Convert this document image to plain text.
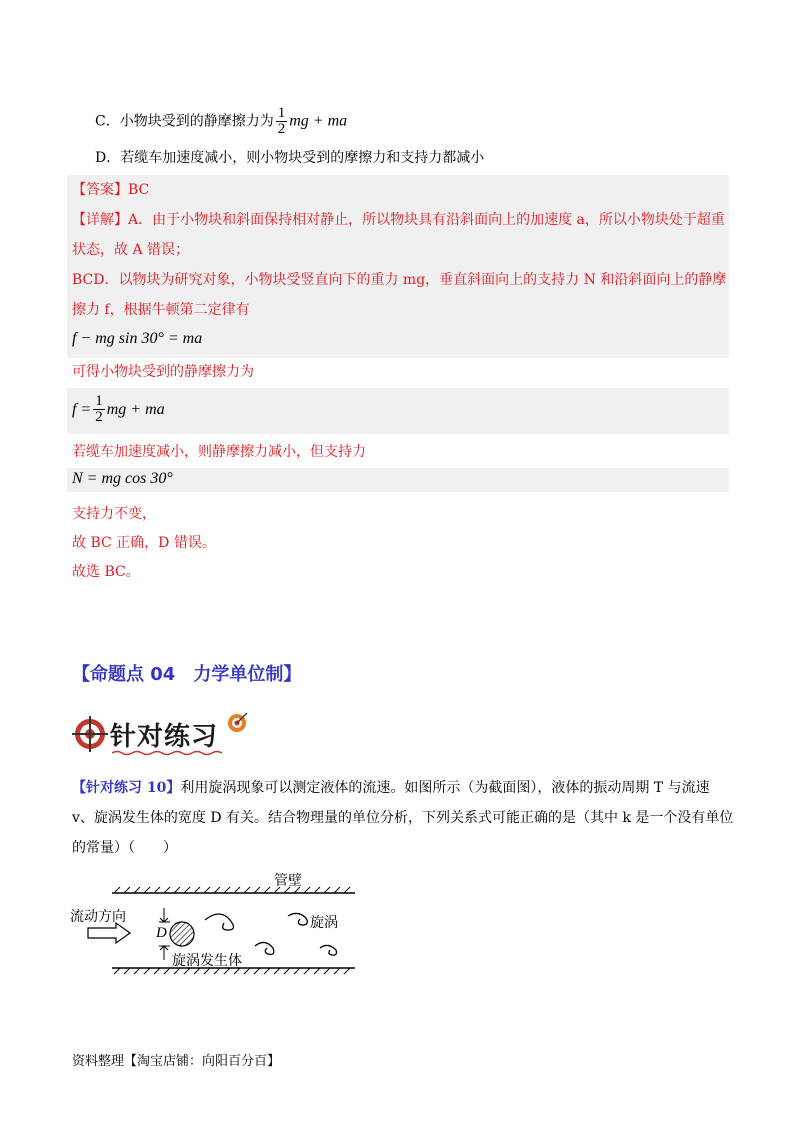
C．小物块受到的静摩擦力为 $\frac{1}{2}$ mg + ma
D．若缆车加速度减小，则小物块受到的摩擦力和支持力都减小
【答案】BC
【详解】A．由于小物块和斜面保持相对静止，所以物块具有沿斜面向上的加速度 a，所以小物块处于超重
状态，故 A 错误；
BCD．以物块为研究对象，小物块受竖直向下的重力 mg，垂直斜面向上的支持力 N 和沿斜面向上的静摩
擦力 f，根据牛顿第二定律有
f − mg sin 30° = ma
可得小物块受到的静摩擦力为
$f = \frac{1}{2}$ mg + ma
若缆车加速度减小，则静摩擦力减小，但支持力
N = mg cos 30°
支持力不变，
故 BC 正确，D 错误。
故选 BC。
【命题点 04　力学单位制】
针对练习
【针对练习 10】利用旋涡现象可以测定液体的流速。如图所示（为截面图），液体的振动周期 T 与流速
v、旋涡发生体的宽度 D 有关。结合物理量的单位分析，下列关系式可能正确的是（其中 k 是一个没有单位
的常量）（　　）
管壁
流动方向
D
旋涡
旋涡发生体
资料整理【淘宝店铺：向阳百分百】
